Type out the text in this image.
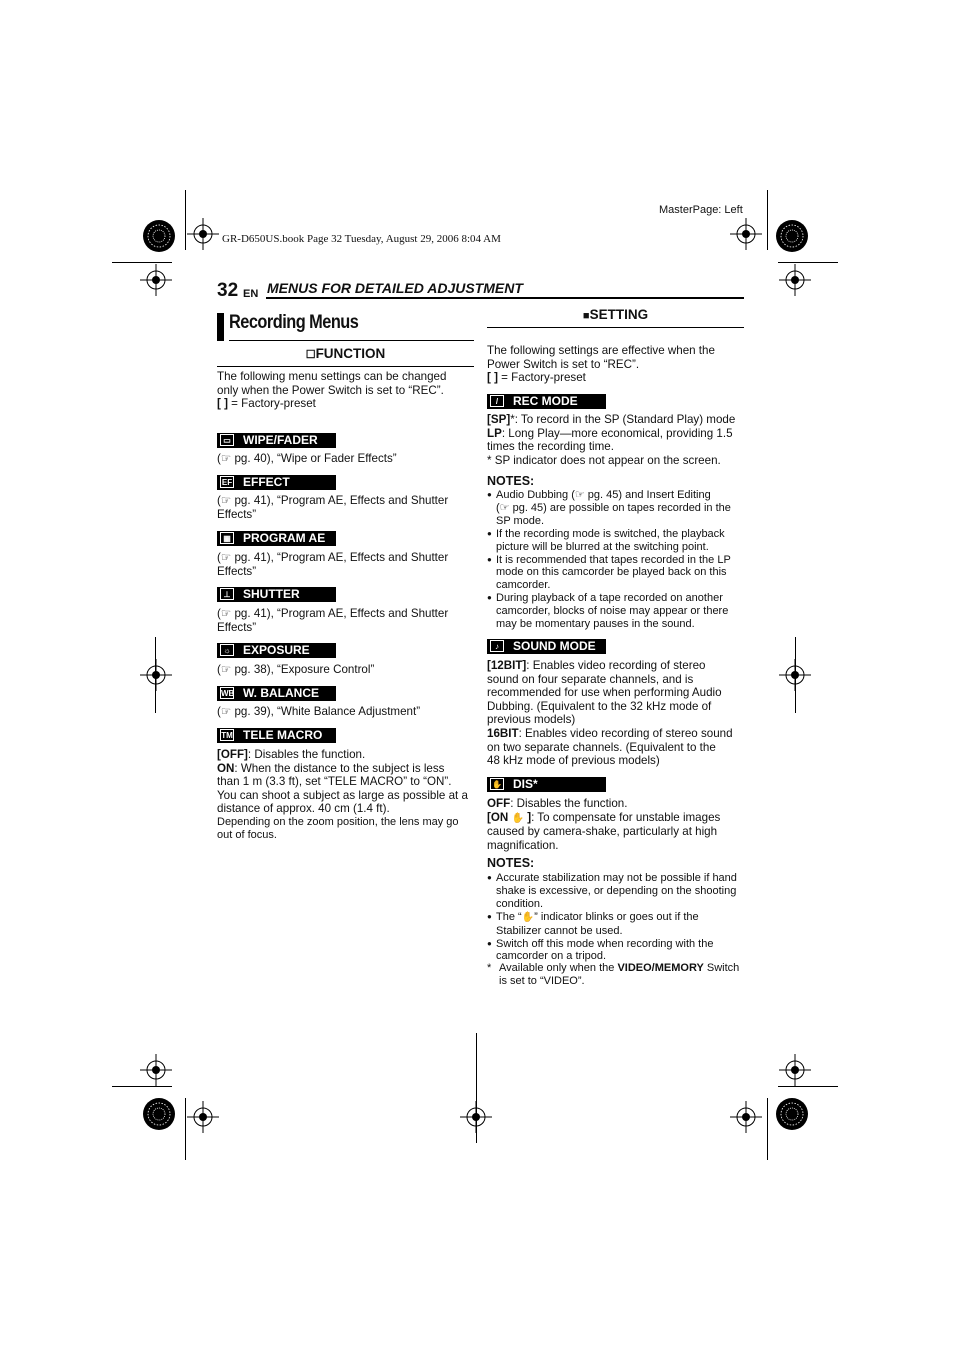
MasterPage: Left
GR-D650US.book Page 32 Tuesday, August 29, 2006 8:04 AM
32 EN MENUS FOR DETAILED ADJUSTMENT
Recording Menus
☐FUNCTION
The following menu settings can be changed
only when the Power Switch is set to “REC”.
[ ] = Factory-preset
▭ WIPE/FADER
(☞ pg. 40), “Wipe or Fader Effects”
EF EFFECT
(☞ pg. 41), “Program AE, Effects and Shutter
Effects”
▦ PROGRAM AE
(☞ pg. 41), “Program AE, Effects and Shutter
Effects”
⊥ SHUTTER
(☞ pg. 41), “Program AE, Effects and Shutter
Effects”
☼ EXPOSURE
(☞ pg. 38), “Exposure Control”
WB W. BALANCE
(☞ pg. 39), “White Balance Adjustment”
TM TELE MACRO
[OFF]: Disables the function.
ON: When the distance to the subject is less
than 1 m (3.3 ft), set “TELE MACRO” to “ON”.
You can shoot a subject as large as possible at a
distance of approx. 40 cm (1.4 ft).
Depending on the zoom position, the lens may go
out of focus.
■SETTING
The following settings are effective when the
Power Switch is set to “REC”.
[ ] = Factory-preset
/	REC MODE
[SP]*: To record in the SP (Standard Play) mode
LP: Long Play—more economical, providing 1.5
times the recording time.
* SP indicator does not appear on the screen.
NOTES:
● Audio Dubbing (☞ pg. 45) and Insert Editing
(☞ pg. 45) are possible on tapes recorded in the
SP mode.
● If the recording mode is switched, the playback
picture will be blurred at the switching point.
● It is recommended that tapes recorded in the LP
mode on this camcorder be played back on this
camcorder.
● During playback of a tape recorded on another
camcorder, blocks of noise may appear or there
may be momentary pauses in the sound.
♪	SOUND MODE
[12BIT]: Enables video recording of stereo
sound on four separate channels, and is
recommended for use when performing Audio
Dubbing. (Equivalent to the 32 kHz mode of
previous models)
16BIT: Enables video recording of stereo sound
on two separate channels. (Equivalent to the
48 kHz mode of previous models)
✋ DIS*
OFF: Disables the function.
[ON ✋ ]: To compensate for unstable images
caused by camera-shake, particularly at high
magnification.
NOTES:
● Accurate stabilization may not be possible if hand
shake is excessive, or depending on the shooting
condition.
● The “✋” indicator blinks or goes out if the
Stabilizer cannot be used.
● Switch off this mode when recording with the
camcorder on a tripod.
* Available only when the VIDEO/MEMORY Switch
is set to “VIDEO”.
